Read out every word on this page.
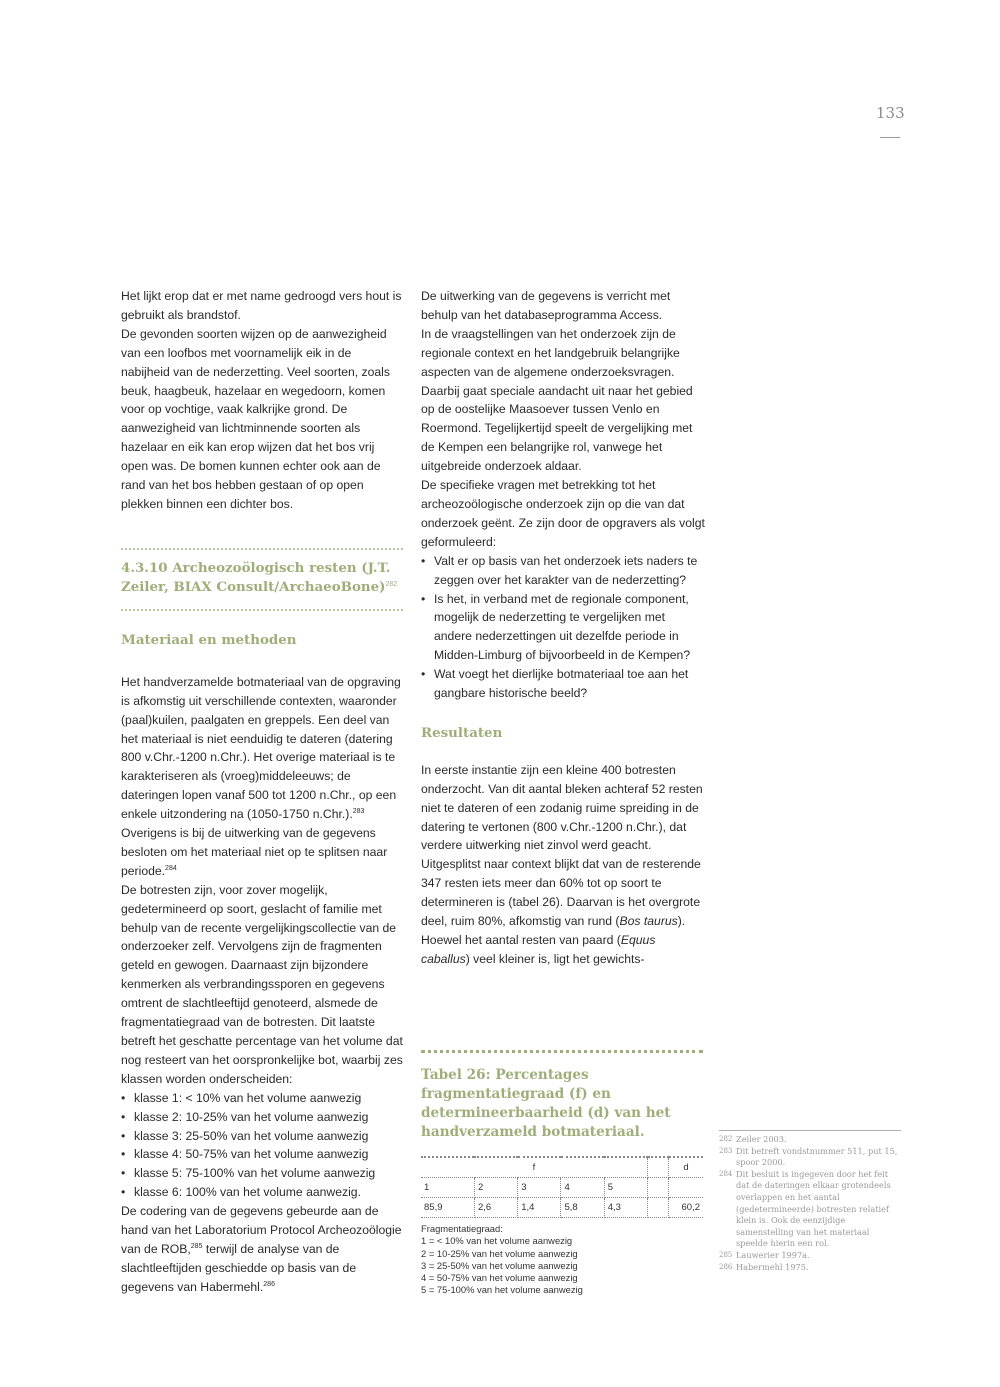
133

Het lijkt erop dat er met name gedroogd vers hout is gebruikt als brandstof.

De gevonden soorten wijzen op de aanwezigheid van een loofbos met voornamelijk eik in de nabijheid van de nederzetting. Veel soorten, zoals beuk, haagbeuk, hazelaar en wegedoorn, komen voor op vochtige, vaak kalkrijke grond. De aanwezigheid van lichtminnende soorten als hazelaar en eik kan erop wijzen dat het bos vrij open was. De bomen kunnen echter ook aan de rand van het bos hebben gestaan of op open plekken binnen een dichter bos.

4.3.10 Archeozoölogisch resten (J.T. Zeiler, BIAX Consult/ArchaeoBone)$^{282}$
Materiaal en methoden

Het handverzamelde botmateriaal van de opgraving is afkomstig uit verschillende contexten, waaronder (paal)kuilen, paalgaten en greppels. Een deel van het materiaal is niet eenduidig te dateren (datering 800 v.Chr.-1200 n.Chr.). Het overige materiaal is te karakteriseren als (vroeg)middeleeuws; de dateringen lopen vanaf 500 tot 1200 n.Chr., op een enkele uitzondering na (1050-1750 n.Chr.).$^{283}$ Overigens is bij de uitwerking van de gegevens besloten om het materiaal niet op te splitsen naar periode.$^{284}$

De botresten zijn, voor zover mogelijk, gedetermineerd op soort, geslacht of familie met behulp van de recente vergelijkingscollectie van de onderzoeker zelf. Vervolgens zijn de fragmenten geteld en gewogen. Daarnaast zijn bijzondere kenmerken als verbrandingssporen en gegevens omtrent de slachtleeftijd genoteerd, alsmede de fragmentatiegraad van de botresten. Dit laatste betreft het geschatte percentage van het volume dat nog resteert van het oorspronkelijke bot, waarbij zes klassen worden onderscheiden:

• klasse 1: < 10% van het volume aanwezig
• klasse 2: 10-25% van het volume aanwezig
• klasse 3: 25-50% van het volume aanwezig
• klasse 4: 50-75% van het volume aanwezig
• klasse 5: 75-100% van het volume aanwezig
• klasse 6: 100% van het volume aanwezig.

De codering van de gegevens gebeurde aan de hand van het Laboratorium Protocol Archeozoölogie van de ROB,$^{285}$ terwijl de analyse van de slachtleeftijden geschiedde op basis van de gegevens van Habermehl.$^{286}$

De uitwerking van de gegevens is verricht met behulp van het databaseprogramma Access.

In de vraagstellingen van het onderzoek zijn de regionale context en het landgebruik belangrijke aspecten van de algemene onderzoeksvragen. Daarbij gaat speciale aandacht uit naar het gebied op de oostelijke Maasoever tussen Venlo en Roermond. Tegelijkertijd speelt de vergelijking met de Kempen een belangrijke rol, vanwege het uitgebreide onderzoek aldaar.

De specifieke vragen met betrekking tot het archeozoölogische onderzoek zijn op die van dat onderzoek geënt. Ze zijn door de opgravers als volgt geformuleerd:

• Valt er op basis van het onderzoek iets naders te zeggen over het karakter van de nederzetting?
• Is het, in verband met de regionale component, mogelijk de nederzetting te vergelijken met andere nederzettingen uit dezelfde periode in Midden-Limburg of bijvoorbeeld in de Kempen?
• Wat voegt het dierlijke botmateriaal toe aan het gangbare historische beeld?
Resultaten

In eerste instantie zijn een kleine 400 botresten onderzocht. Van dit aantal bleken achteraf 52 resten niet te dateren of een zodanig ruime spreiding in de datering te vertonen (800 v.Chr.-1200 n.Chr.), dat verdere uitwerking niet zinvol werd geacht.

Uitgesplitst naar context blijkt dat van de resterende 347 resten iets meer dan 60% tot op soort te determineren is (tabel 26). Daarvan is het overgrote deel, ruim 80%, afkomstig van rund (Bos taurus). Hoewel het aantal resten van paard (Equus caballus) veel kleiner is, ligt het gewichts-

Tabel 26: Percentages fragmentatiegraad (f) en determineerbaarheid (d) van het handverzameld botmateriaal.

f						d
1	2	3	4	5		
85,9	2,6	1,4	5,8	4,3		60,2
Fragmentatiegraad:
1 = < 10% van het volume aanwezig
2 = 10-25% van het volume aanwezig
3 = 25-50% van het volume aanwezig
4 = 50-75% van het volume aanwezig
5 = 75-100% van het volume aanwezig
282 Zeiler 2003.
283 Dit betreft vondstnummer 511, put 15, spoor 2000.
284 Dit besluit is ingegeven door het feit dat de dateringen elkaar grotendeels overlappen en het aantal (gedetermineerde) botresten relatief klein is. Ook de eenzijdige samenstelling van het materiaal speelde hierin een rol.
285 Lauwerier 1997a.
286 Habermehl 1975.
